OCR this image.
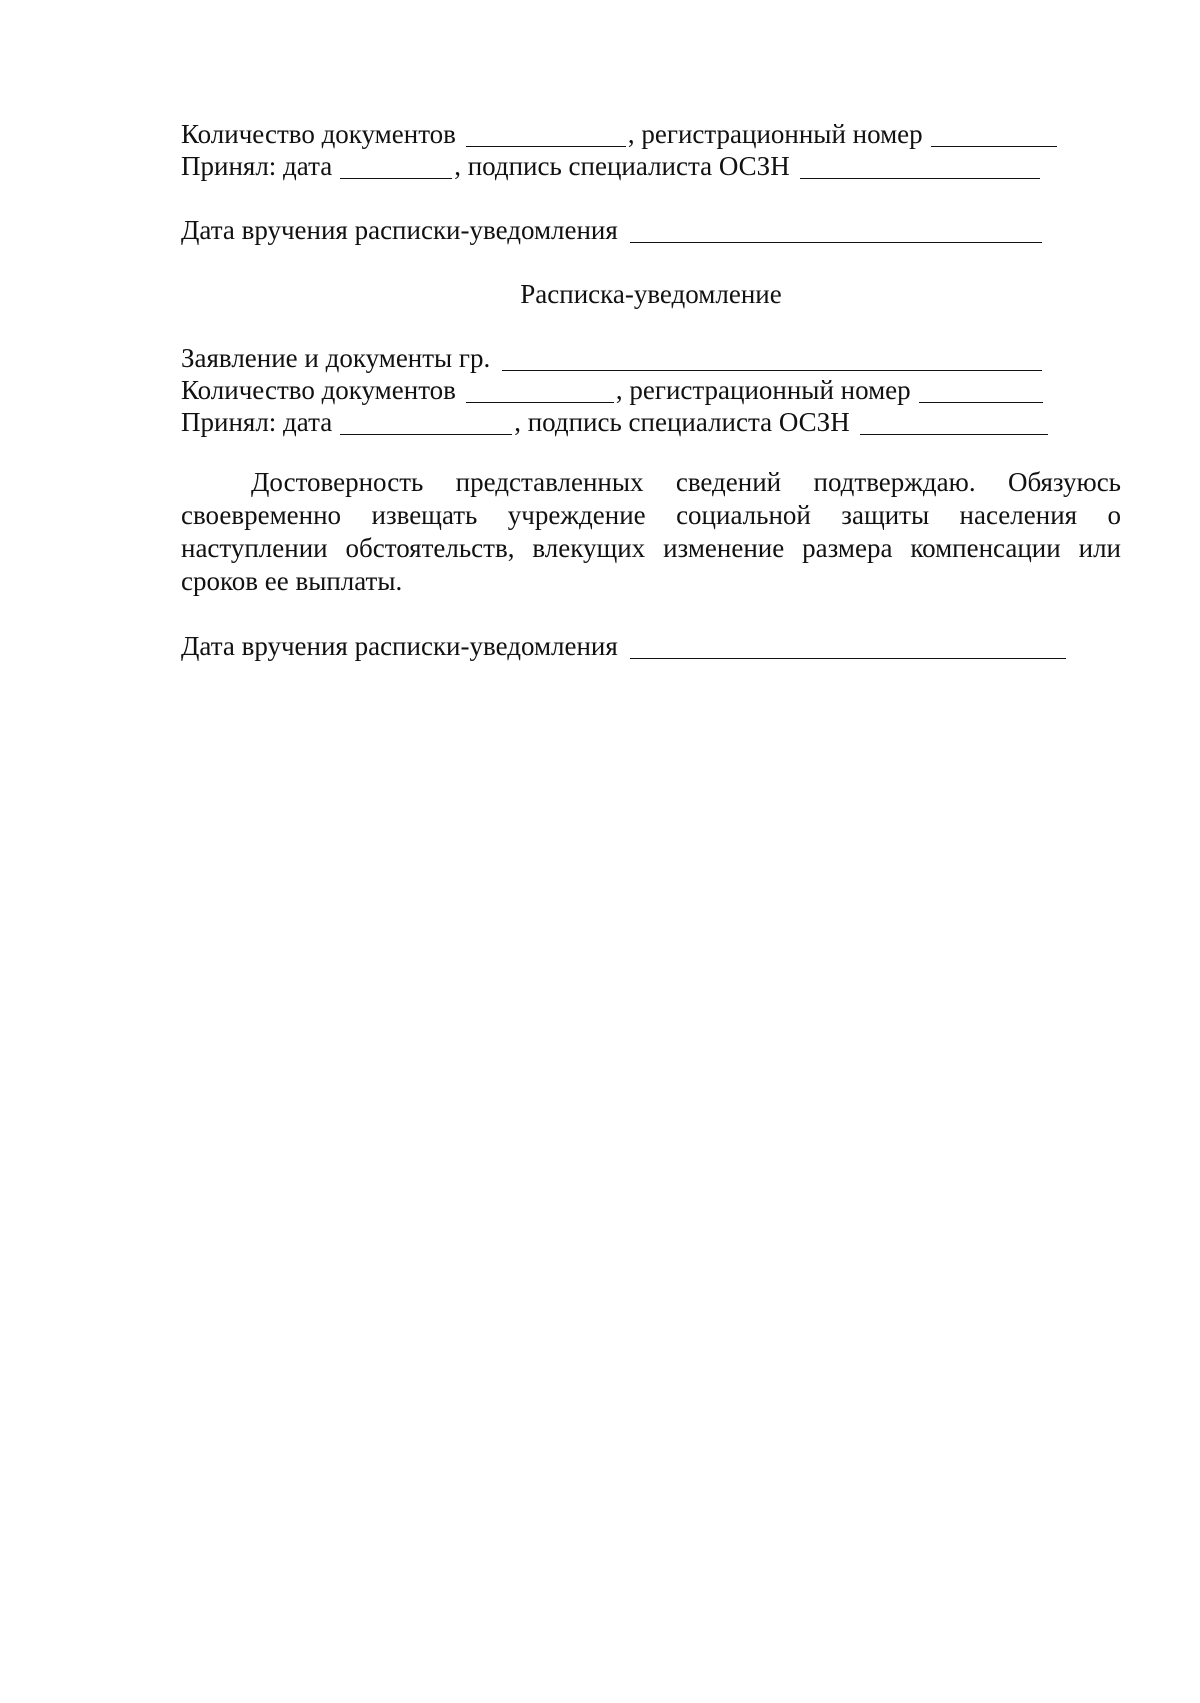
Количество документов	, регистрационный номер
Принял: дата	, подпись специалиста ОСЗН
Дата вручения расписки-уведомления
Расписка-уведомление
Заявление и документы гр.
Количество документов	, регистрационный номер
Принял: дата	, подпись специалиста ОСЗН
Достоверность представленных сведений подтверждаю. Обязуюсь своевременно извещать учреждение социальной защиты населения о наступлении обстоятельств, влекущих изменение размера компенсации или сроков ее выплаты.
Дата вручения расписки-уведомления
